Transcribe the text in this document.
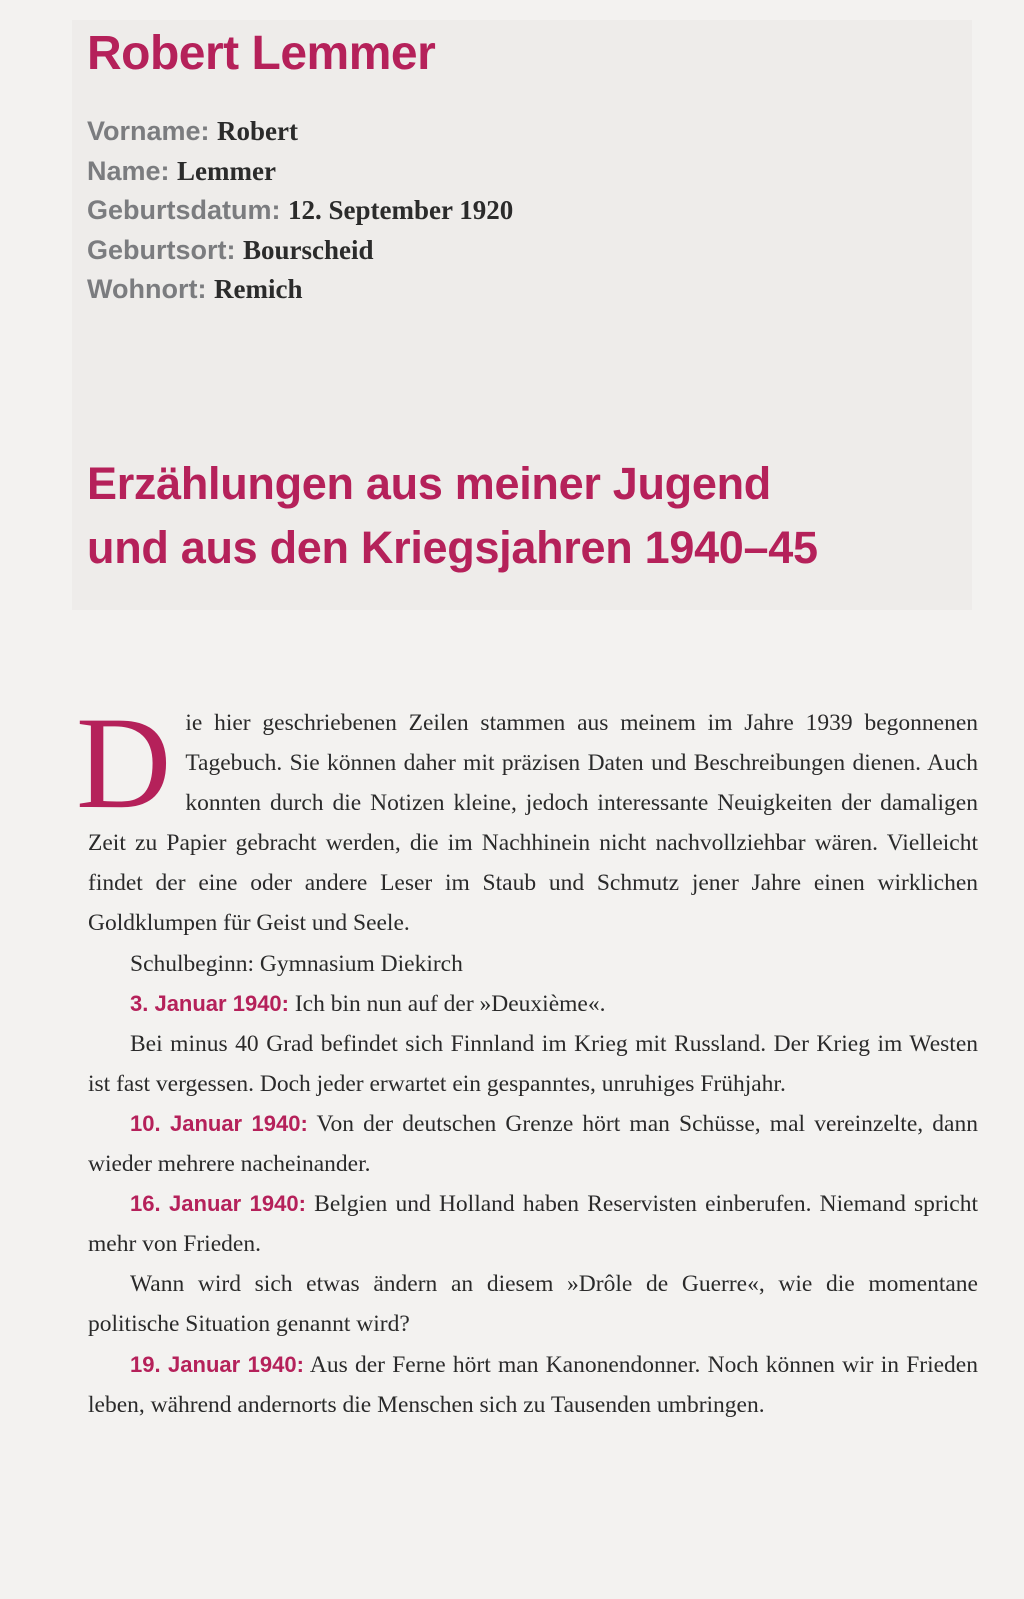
Robert Lemmer
Vorname: Robert
Name: Lemmer
Geburtsdatum: 12. September 1920
Geburtsort: Bourscheid
Wohnort: Remich
Erzählungen aus meiner Jugend
und aus den Kriegsjahren 1940–45

Die hier geschriebenen Zeilen stammen aus meinem im Jahre 1939 begonnenen Tagebuch. Sie können daher mit präzisen Daten und Beschreibungen dienen. Auch konnten durch die Notizen kleine, jedoch interessante Neuigkeiten der damaligen Zeit zu Papier gebracht werden, die im Nachhinein nicht nachvollziehbar wären. Vielleicht findet der eine oder andere Leser im Staub und Schmutz jener Jahre einen wirklichen Goldklumpen für Geist und Seele.

Schulbeginn: Gymnasium Diekirch

3. Januar 1940: Ich bin nun auf der »Deuxième«.

Bei minus 40 Grad befindet sich Finnland im Krieg mit Russland. Der Krieg im Westen ist fast vergessen. Doch jeder erwartet ein gespanntes, unruhiges Frühjahr.

10. Januar 1940: Von der deutschen Grenze hört man Schüsse, mal vereinzelte, dann wieder mehrere nacheinander.

16. Januar 1940: Belgien und Holland haben Reservisten einberufen. Niemand spricht mehr von Frieden.

Wann wird sich etwas ändern an diesem »Drôle de Guerre«, wie die momentane politische Situation genannt wird?

19. Januar 1940: Aus der Ferne hört man Kanonendonner. Noch können wir in Frieden leben, während andernorts die Menschen sich zu Tausenden umbringen.
